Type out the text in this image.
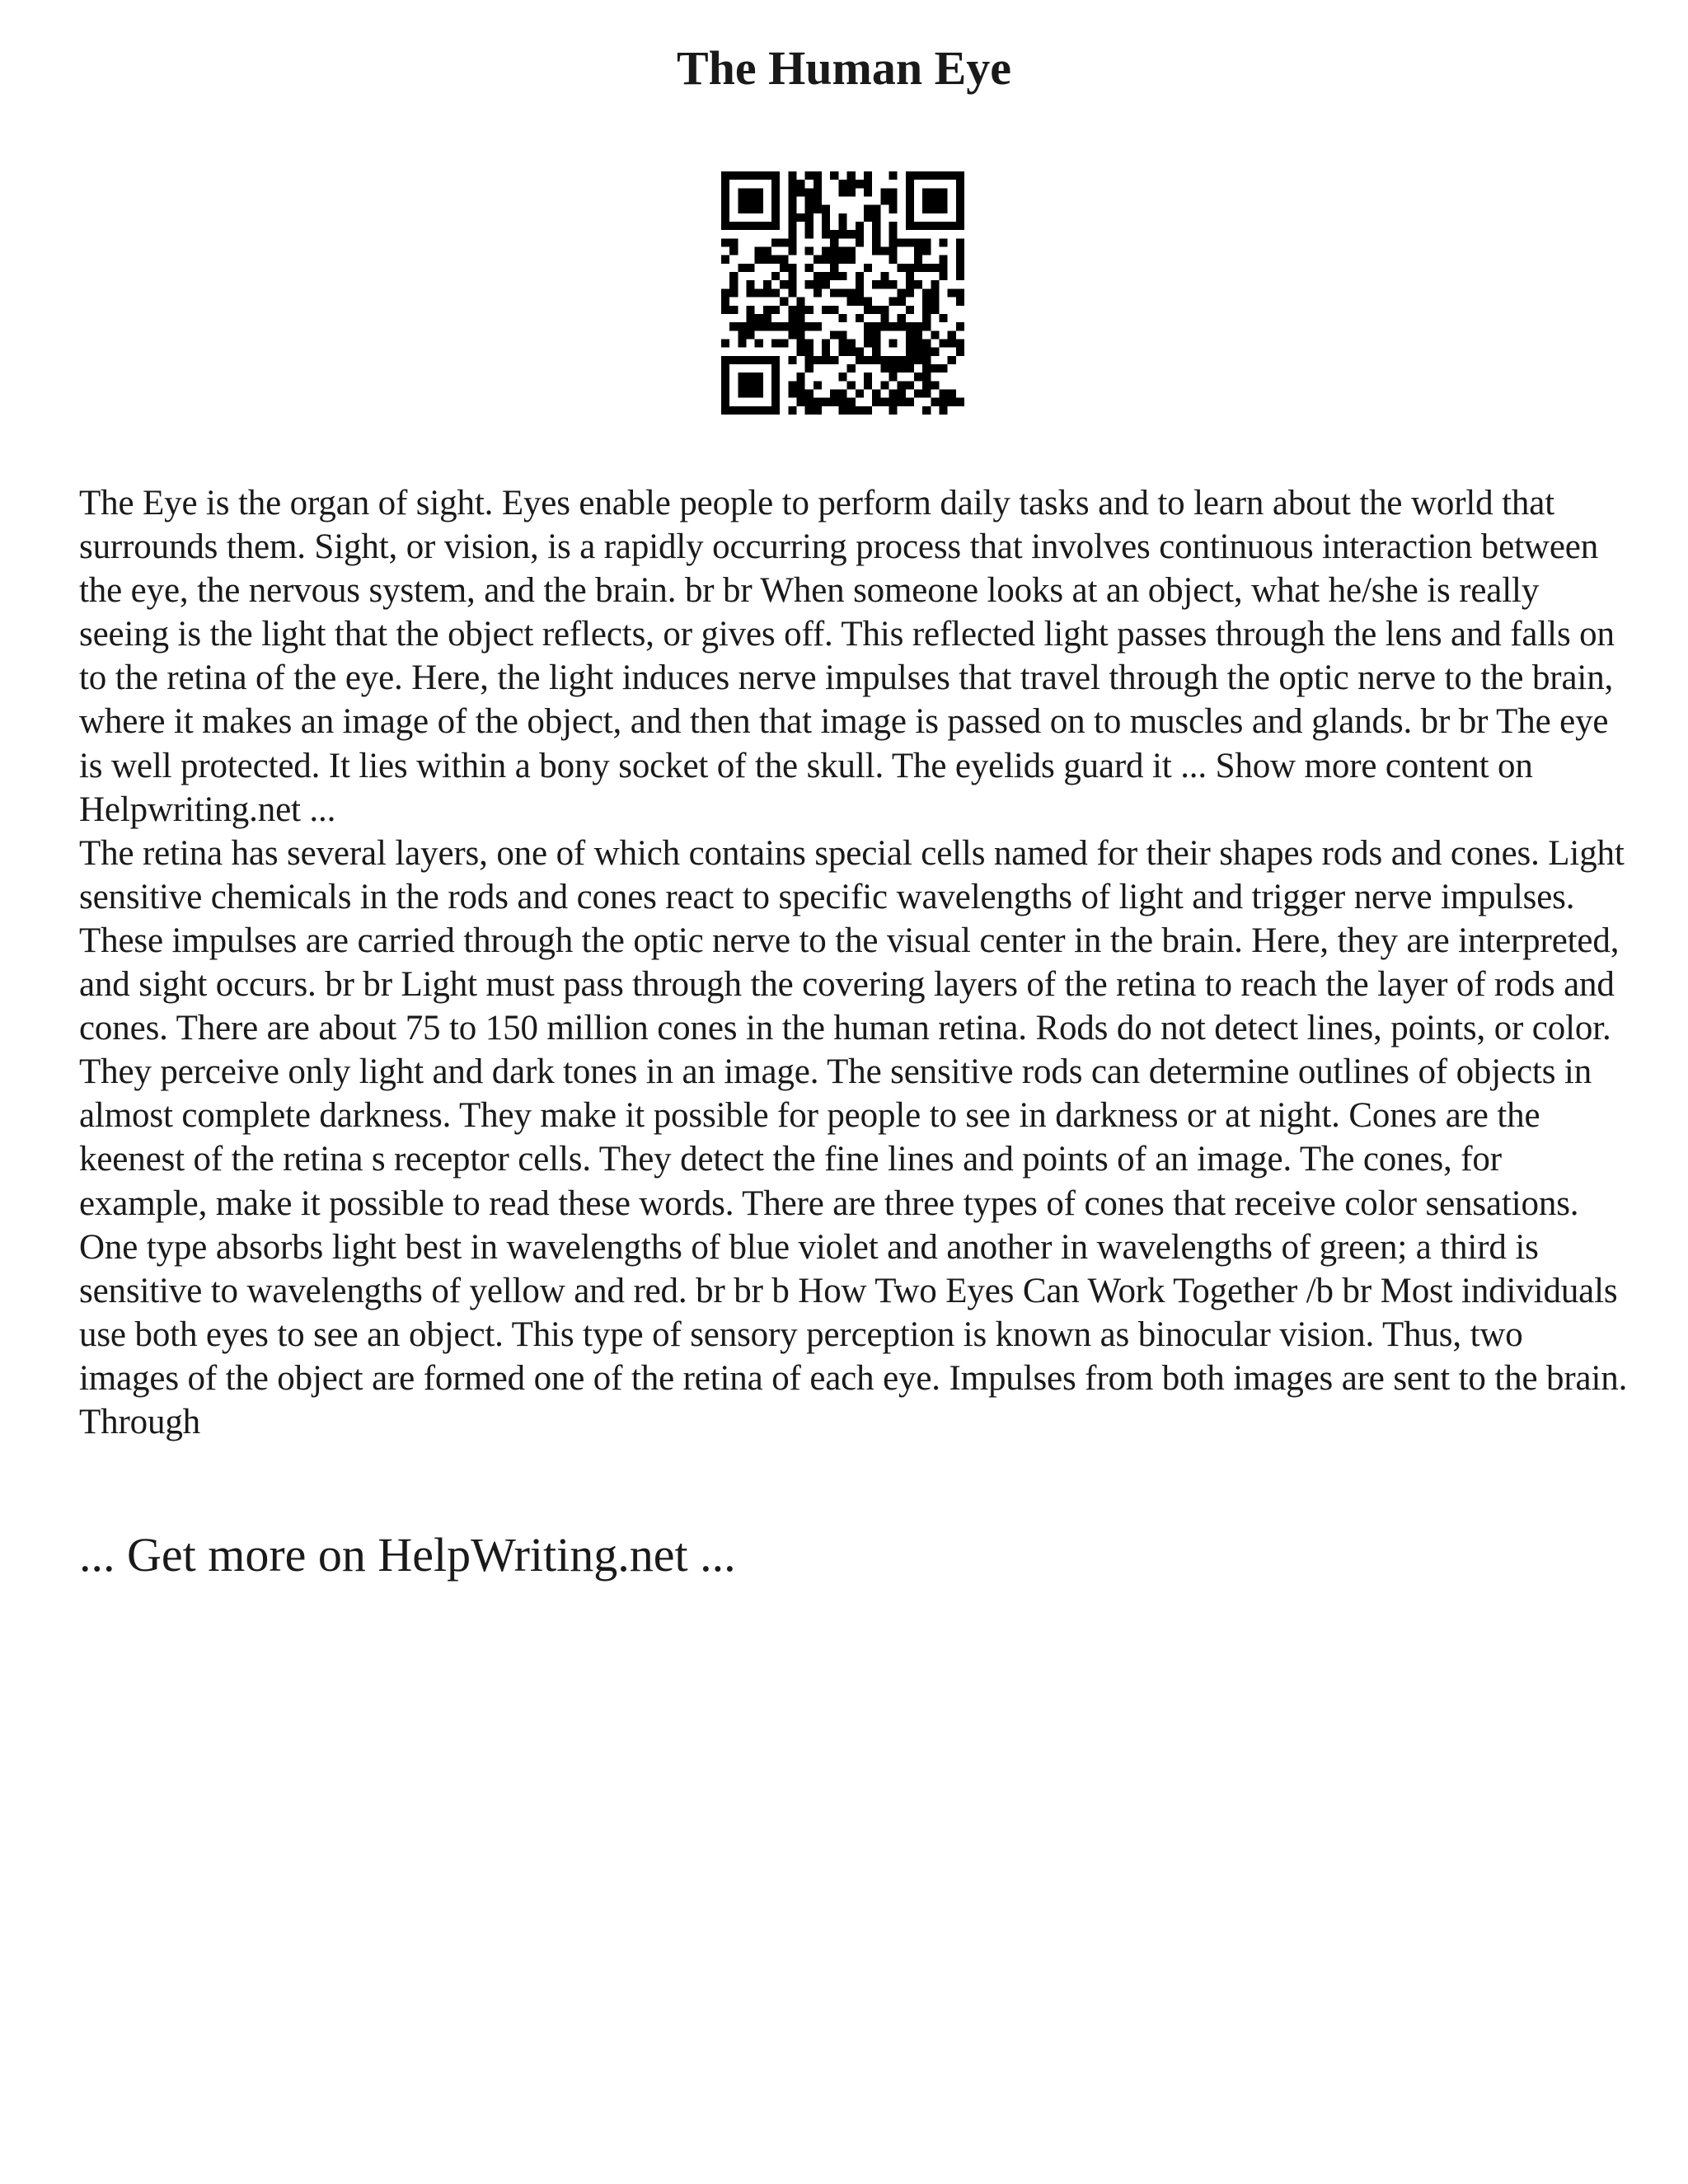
The Human Eye

The Eye is the organ of sight. Eyes enable people to perform daily tasks and to learn about the world that surrounds them. Sight, or vision, is a rapidly occurring process that involves continuous interaction between the eye, the nervous system, and the brain. br br When someone looks at an object, what he/she is really seeing is the light that the object reflects, or gives off. This reflected light passes through the lens and falls on to the retina of the eye. Here, the light induces nerve impulses that travel through the optic nerve to the brain, where it makes an image of the object, and then that image is passed on to muscles and glands. br br The eye is well protected. It lies within a bony socket of the skull. The eyelids guard it ... Show more content on Helpwriting.net ...

The retina has several layers, one of which contains special cells named for their shapes rods and cones. Light sensitive chemicals in the rods and cones react to specific wavelengths of light and trigger nerve impulses. These impulses are carried through the optic nerve to the visual center in the brain. Here, they are interpreted, and sight occurs. br br Light must pass through the covering layers of the retina to reach the layer of rods and cones. There are about 75 to 150 million cones in the human retina. Rods do not detect lines, points, or color. They perceive only light and dark tones in an image. The sensitive rods can determine outlines of objects in almost complete darkness. They make it possible for people to see in darkness or at night. Cones are the keenest of the retina s receptor cells. They detect the fine lines and points of an image. The cones, for example, make it possible to read these words. There are three types of cones that receive color sensations. One type absorbs light best in wavelengths of blue violet and another in wavelengths of green; a third is sensitive to wavelengths of yellow and red. br br b How Two Eyes Can Work Together /b br Most individuals use both eyes to see an object. This type of sensory perception is known as binocular vision. Thus, two images of the object are formed one of the retina of each eye. Impulses from both images are sent to the brain. Through

... Get more on HelpWriting.net ...
